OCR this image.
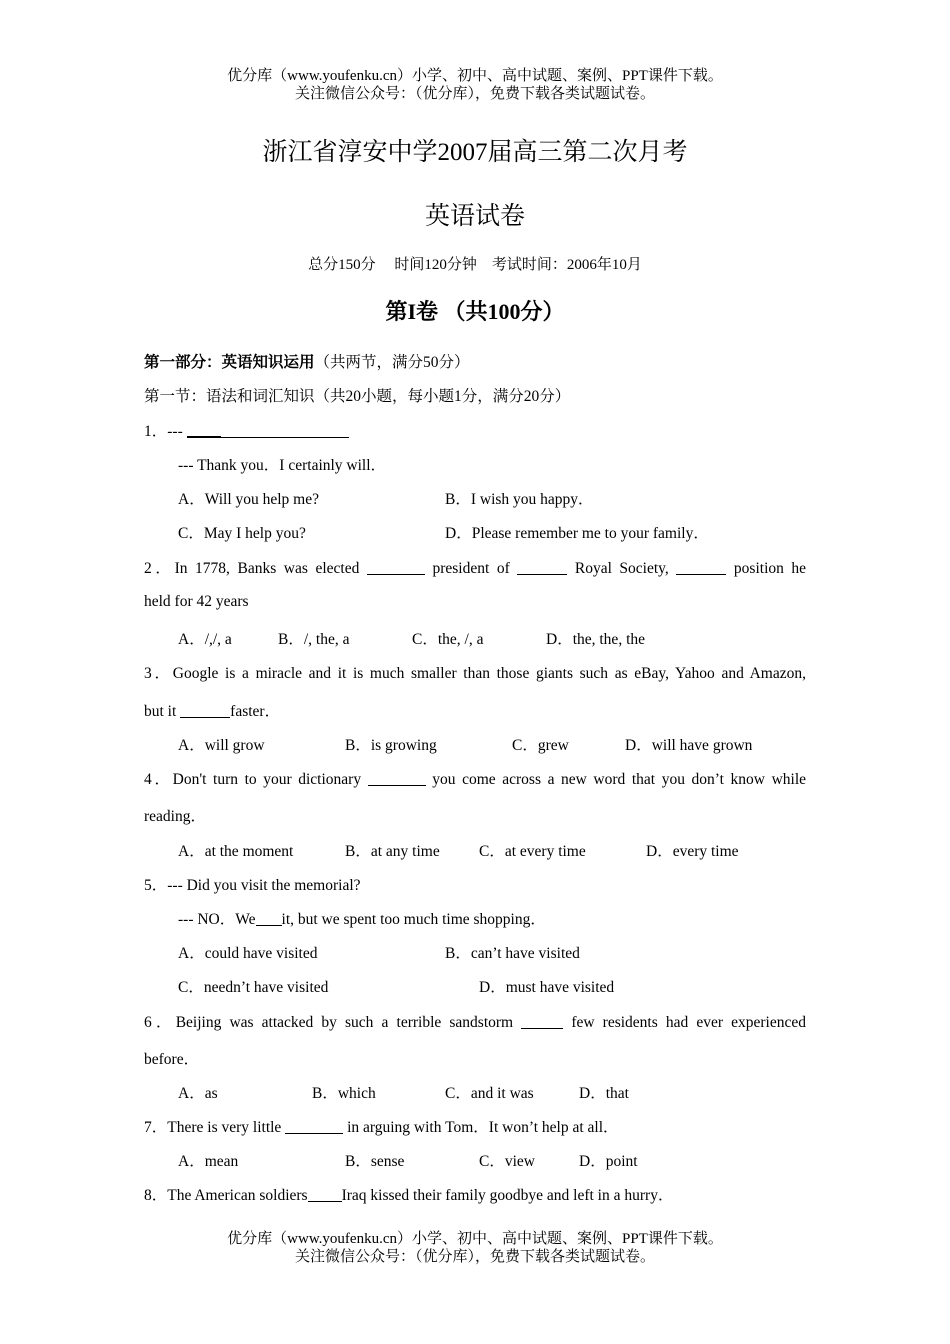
优分库（www.youfenku.cn）小学、初中、高中试题、案例、PPT课件下载。
关注微信公众号：（优分库），免费下载各类试题试卷。
浙江省淳安中学2007届高三第二次月考
英语试卷
总分150分 时间120分钟 考试时间：2006年10月
第I卷 （共100分）
第一部分：英语知识运用（共两节，满分50分）
第一节：语法和词汇知识（共20小题，每小题1分，满分20分）
1．---
--- Thank you．I certainly will．
A．Will you help me?	B．I wish you happy．
C．May I help you?	D．Please remember me to your family．
2．In 1778, Banks was elected	president of	Royal Society,	position he
held for 42 years
A．/,/, a	B．/, the, a	C．the, /, a	D．the, the, the
3．Google is a miracle and it is much smaller than those giants such as eBay, Yahoo and Amazon,
but it	faster．
A．will grow	B．is growing	C．grew	D．will have grown
4．Don't turn to your dictionary	you come across a new word that you don’t know while
reading．
A．at the moment	B．at any time	C．at every time	D．every time
5．--- Did you visit the memorial?
--- NO．We it, but we spent too much time shopping．
A．could have visited	B．can’t have visited
C．needn’t have visited	D．must have visited
6．Beijing was attacked by such a terrible sandstorm	few residents had ever experienced
before．
A．as	B．which	C．and it was	D．that
7．There is very little	in arguing with Tom．It won’t help at all．
A．mean	B．sense	C．view	D．point
8．The American soldiers Iraq kissed their family goodbye and left in a hurry．
优分库（www.youfenku.cn）小学、初中、高中试题、案例、PPT课件下载。
关注微信公众号：（优分库），免费下载各类试题试卷。
